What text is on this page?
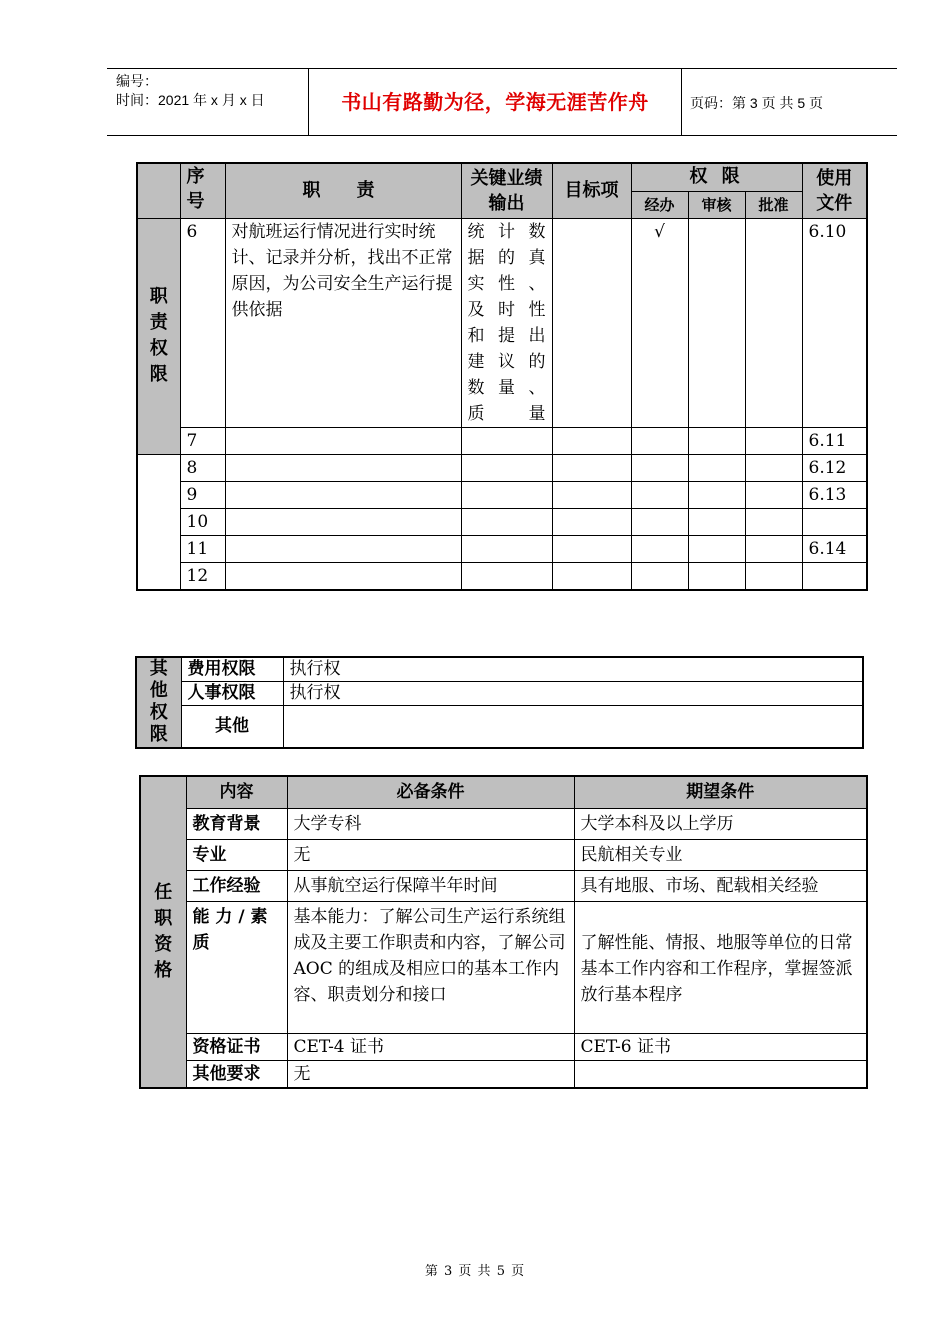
编号：
时间：2021 年 x 月 x 日	书山有路勤为径，学海无涯苦作舟	页码：第 3 页 共 5 页
	序号	职　责	关键业绩输出	目标项	权 限			使用文件
					经办	审核	批准	

职责权限	6	对航班运行情况进行实时统计、记录并分析，找出不正常原因，为公司安全生产运行提供依据	统 计 数 据 的 真 实 性 、及 时 性 和 提 出 建 议 的 数 量 、质量		√			6.10
	7							6.11
	8							6.12
	9							6.13
	10							
	11							6.14
	12							
其他权限	费用权限	执行权
	人事权限	执行权
	其他	
任职资格	内容	必备条件	期望条件
	教育背景	大学专科	大学本科及以上学历
	专业	无	民航相关专业
	工作经验	从事航空运行保障半年时间	具有地服、市场、配载相关经验
	能 力 / 素质	基本能力：了解公司生产运行系统组成及主要工作职责和内容，了解公司 AOC 的组成及相应口的基本工作内容、职责划分和接口	了解性能、情报、地服等单位的日常基本工作内容和工作程序，掌握签派放行基本程序
	资格证书	CET-4 证书	CET-6 证书
	其他要求	无	
第 3 页 共 5 页
